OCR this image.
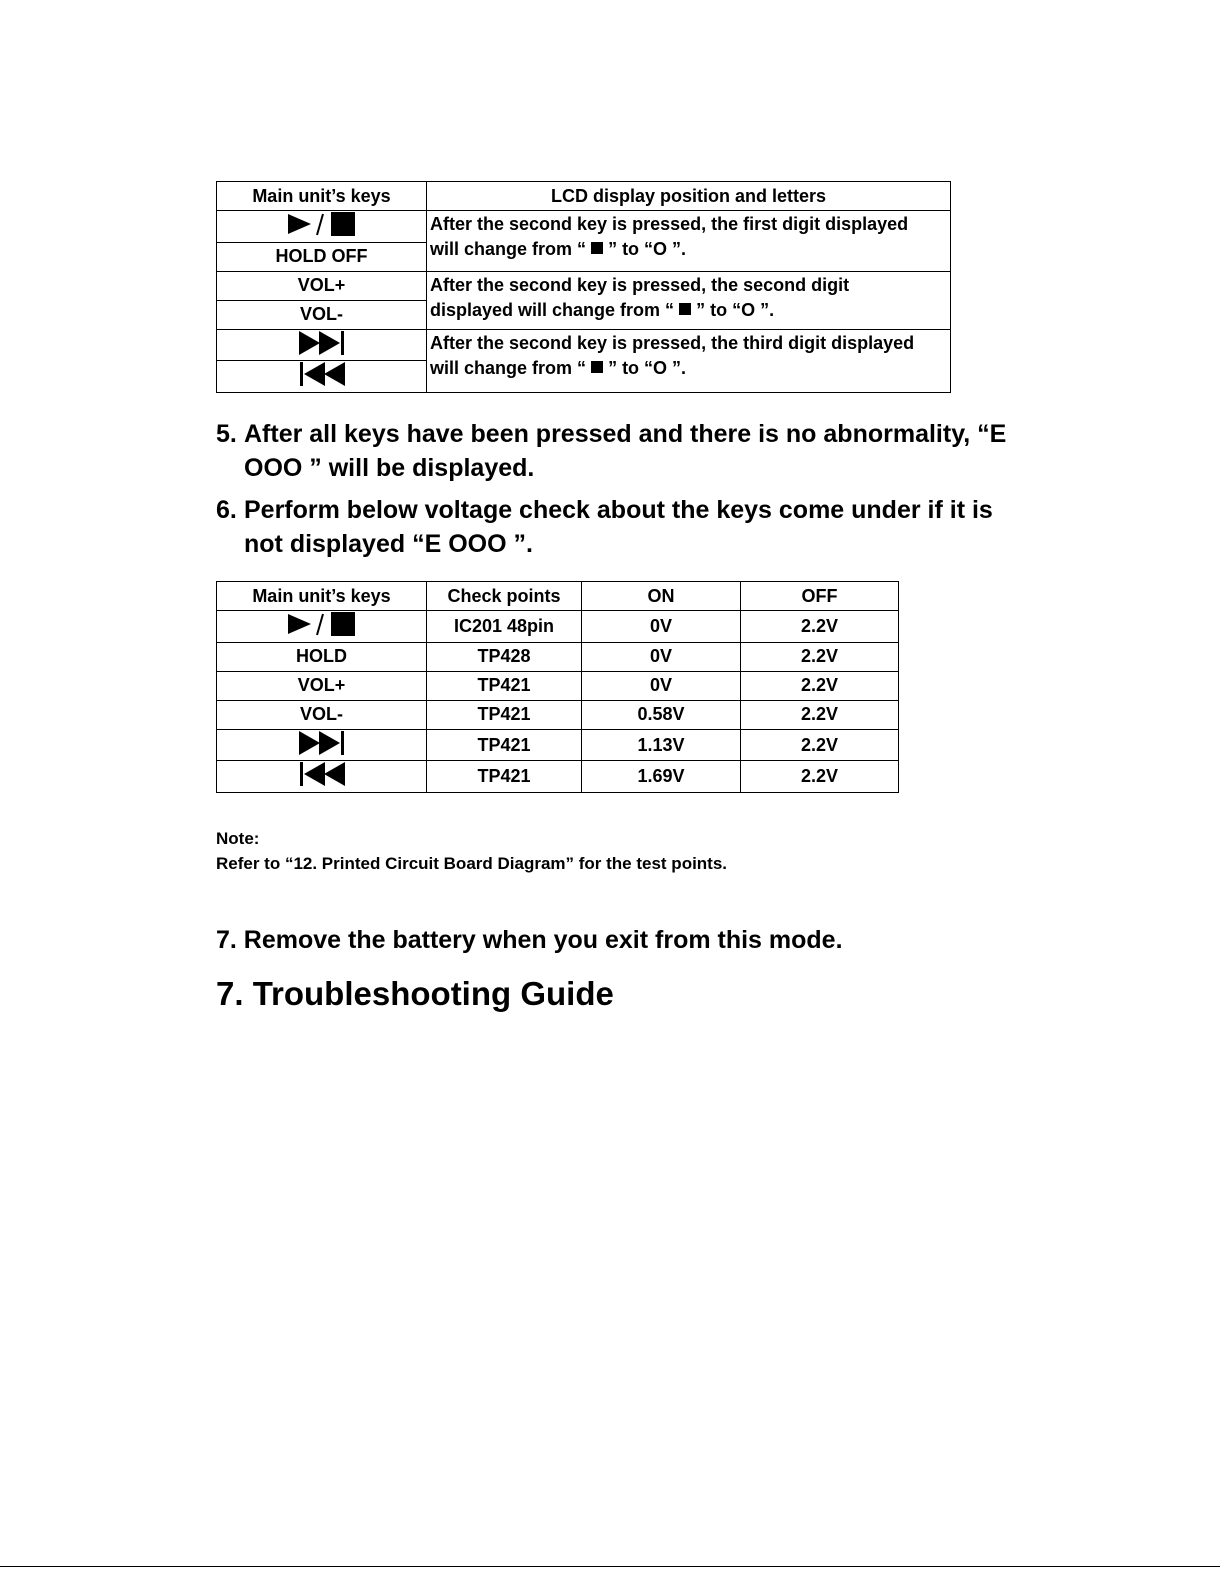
Main unit’s keys	LCD display position and letters
	After the second key is pressed, the first digit displayed
will change from “ ” to “O ”.
HOLD OFF	
VOL+	After the second key is pressed, the second digit
displayed will change from “ ” to “O ”.
VOL-	
	After the second key is pressed, the third digit displayed
will change from “ ” to “O ”.

5. After all keys have been pressed and there is no abnormality, “E
OOO ” will be displayed.
6. Perform below voltage check about the keys come under if it is
not displayed “E OOO ”.
Main unit’s keys	Check points	ON	OFF
	IC201 48pin	0V	2.2V
HOLD	TP428	0V	2.2V
VOL+	TP421	0V	2.2V
VOL-	TP421	0.58V	2.2V
	TP421	1.13V	2.2V
	TP421	1.69V	2.2V
Note:
Refer to “12. Printed Circuit Board Diagram” for the test points.
7. Remove the battery when you exit from this mode.
7. Troubleshooting Guide
